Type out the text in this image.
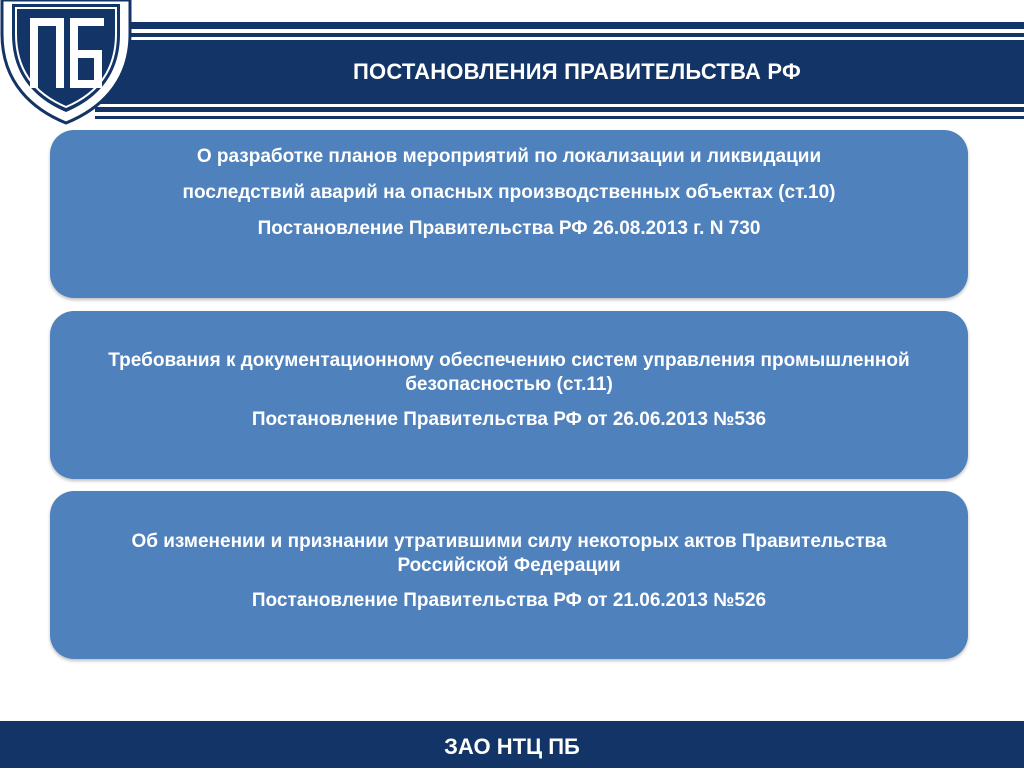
ПОСТАНОВЛЕНИЯ ПРАВИТЕЛЬСТВА РФ
О разработке планов мероприятий по локализации и ликвидации
последствий аварий на опасных производственных объектах (ст.10)
Постановление Правительства РФ 26.08.2013 г. N 730
Требования к документационному обеспечению систем управления промышленной безопасностью (ст.11)
Постановление Правительства РФ от 26.06.2013 №536
Об изменении и признании утратившими силу некоторых актов Правительства Российской Федерации
Постановление Правительства РФ от 21.06.2013 №526
ЗАО НТЦ ПБ
